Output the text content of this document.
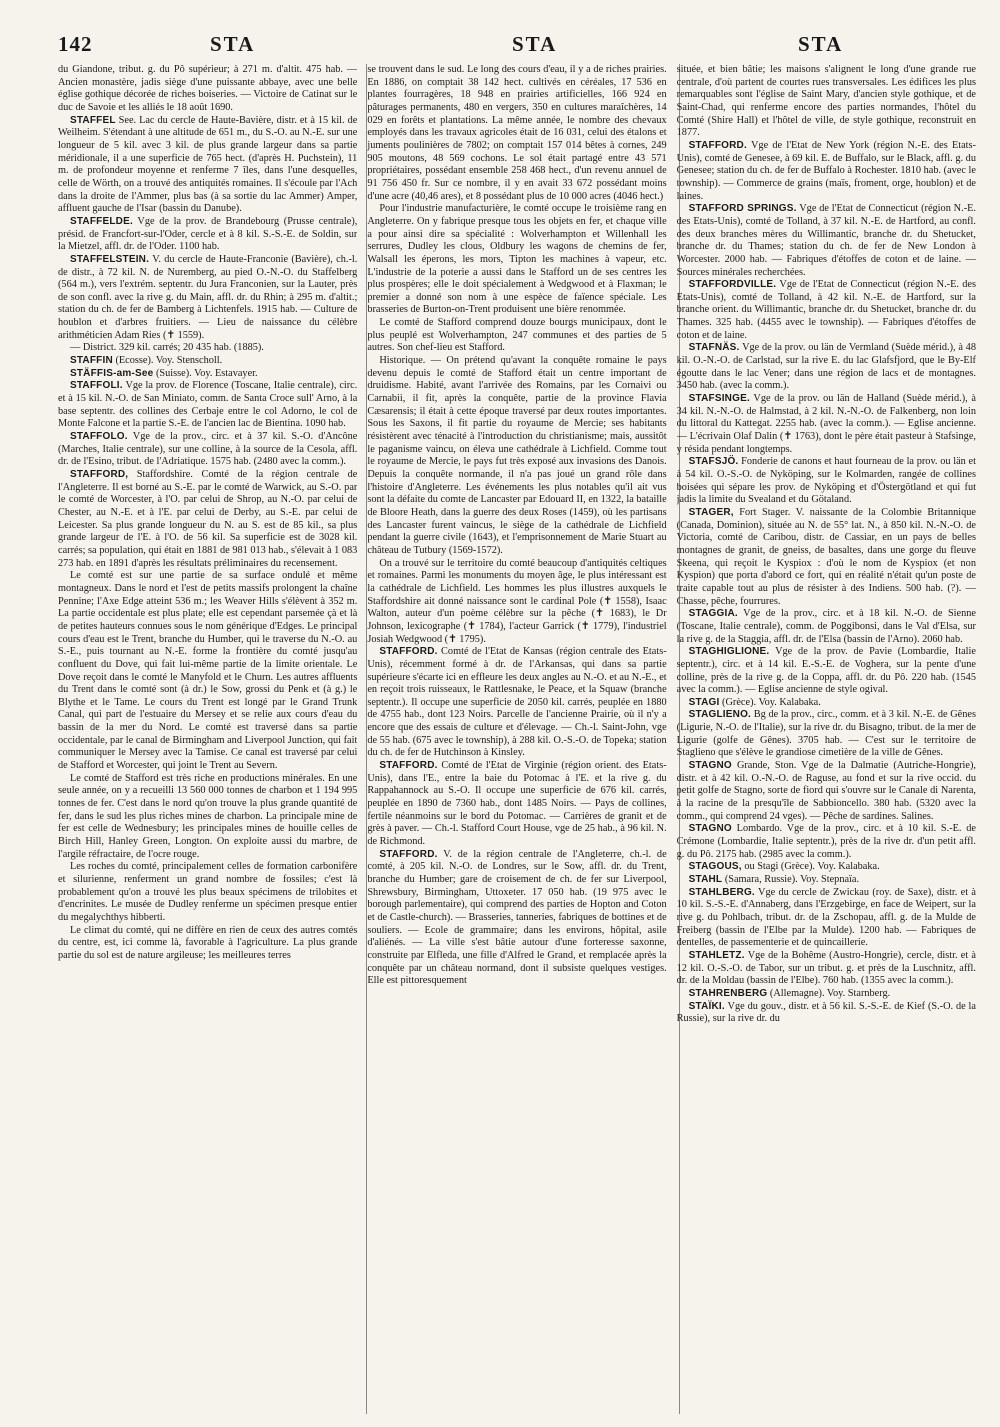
142	STA	STA	STA

du Giandone, tribut. g. du Pô supérieur; à 271 m. d'altit. 475 hab. — Ancien monastère, jadis siège d'une puissante abbaye, avec une belle église gothique décorée de riches boiseries. — Victoire de Catinat sur le duc de Savoie et les alliés le 18 août 1690.

STAFFEL See. Lac du cercle de Haute-Bavière, distr. et à 15 kil. de Weilheim. S'étendant à une altitude de 651 m., du S.-O. au N.-E. sur une longueur de 5 kil. avec 3 kil. de plus grande largeur dans sa partie méridionale, il a une superficie de 765 hect. (d'après H. Puchstein), 11 m. de profondeur moyenne et renferme 7 îles, dans l'une desquelles, celle de Wörth, on a trouvé des antiquités romaines. Il s'écoule par l'Ach dans la droite de l'Ammer, plus bas (à sa sortie du lac Ammer) Amper, affluent gauche de l'Isar (bassin du Danube).

STAFFELDE. Vge de la prov. de Brandebourg (Prusse centrale), présid. de Francfort-sur-l'Oder, cercle et à 8 kil. S.-S.-E. de Soldin, sur la Mietzel, affl. dr. de l'Oder. 1100 hab.

STAFFELSTEIN. V. du cercle de Haute-Franconie (Bavière), ch.-l. de distr., à 72 kil. N. de Nuremberg, au pied O.-N.-O. du Staffelberg (564 m.), vers l'extrém. septentr. du Jura Franconien, sur la Lauter, près de son confl. avec la rive g. du Main, affl. dr. du Rhin; à 295 m. d'altit.; station du ch. de fer de Bamberg à Lichtenfels. 1915 hab. — Culture de houblon et d'arbres fruitiers. — Lieu de naissance du célèbre arithméticien Adam Ries (✝ 1559).

— District. 329 kil. carrés; 20 435 hab. (1885).

STAFFIN (Ecosse). Voy. Stenscholl.

STÄFFIS-am-See (Suisse). Voy. Estavayer.

STAFFOLI. Vge la prov. de Florence (Toscane, Italie centrale), circ. et à 15 kil. N.-O. de San Miniato, comm. de Santa Croce sull' Arno, à la base septentr. des collines des Cerbaje entre le col Adorno, le col de Monte Falcone et la partie S.-E. de l'ancien lac de Bientina. 1090 hab.

STAFFOLO. Vge de la prov., circ. et à 37 kil. S.-O. d'Ancône (Marches, Italie centrale), sur une colline, à la source de la Cesola, affl. dr. de l'Esino, tribut. de l'Adriatique. 1575 hab. (2480 avec la comm.).

STAFFORD, Staffordshire. Comté de la région centrale de l'Angleterre. Il est borné au S.-E. par le comté de Warwick, au S.-O. par le comté de Worcester, à l'O. par celui de Shrop, au N.-O. par celui de Chester, au N.-E. et à l'E. par celui de Derby, au S.-E. par celui de Leicester. Sa plus grande longueur du N. au S. est de 85 kil., sa plus grande largeur de l'E. à l'O. de 56 kil. Sa superficie est de 3028 kil. carrés; sa population, qui était en 1881 de 981 013 hab., s'élevait à 1 083 273 hab. en 1891 d'après les résultats préliminaires du recensement.

Le comté est sur une partie de sa surface ondulé et même montagneux. Dans le nord et l'est de petits massifs prolongent la chaîne Pennine; l'Axe Edge atteint 536 m.; les Weaver Hills s'élèvent à 352 m. La partie occidentale est plus plate; elle est cependant parsemée çà et là de petites hauteurs connues sous le nom générique d'Edges. Le principal cours d'eau est le Trent, branche du Humber, qui le traverse du N.-O. au S.-E., puis tournant au N.-E. forme la frontière du comté jusqu'au confluent du Dove, qui fait lui-même partie de la limite orientale. Le Dove reçoit dans le comté le Manyfold et le Churn. Les autres affluents du Trent dans le comté sont (à dr.) le Sow, grossi du Penk et (à g.) le Blythe et le Tame. Le cours du Trent est longé par le Grand Trunk Canal, qui part de l'estuaire du Mersey et se relie aux cours d'eau du bassin de la mer du Nord. Le comté est traversé dans sa partie occidentale, par le canal de Birmingham and Liverpool Junction, qui fait communiquer le Mersey avec la Tamise. Ce canal est traversé par celui de Stafford et Worcester, qui joint le Trent au Severn.

Le comté de Stafford est très riche en productions minérales. En une seule année, on y a recueilli 13 560 000 tonnes de charbon et 1 194 995 tonnes de fer. C'est dans le nord qu'on trouve la plus grande quantité de fer, dans le sud les plus riches mines de charbon. La principale mine de fer est celle de Wednesbury; les principales mines de houille celles de Birch Hill, Hanley Green, Longton. On exploite aussi du marbre, de l'argile réfractaire, de l'ocre rouge.

Les roches du comté, principalement celles de formation carbonifère et silurienne, renferment un grand nombre de fossiles; c'est là probablement qu'on a trouvé les plus beaux spécimens de trilobites et d'encrinites. Le musée de Dudley renferme un spécimen presque entier du megalychthys hibberti.

Le climat du comté, qui ne diffère en rien de ceux des autres comtés du centre, est, ici comme là, favorable à l'agriculture. La plus grande partie du sol est de nature argileuse; les meilleures terres

se trouvent dans le sud. Le long des cours d'eau, il y a de riches prairies. En 1886, on comptait 38 142 hect. cultivés en céréales, 17 536 en plantes fourragères, 18 948 en prairies artificielles, 166 924 en pâturages permanents, 480 en vergers, 350 en cultures maraîchères, 14 029 en forêts et plantations. La même année, le nombre des chevaux employés dans les travaux agricoles était de 16 031, celui des étalons et juments poulinières de 7802; on comptait 157 014 bêtes à cornes, 249 905 moutons, 48 569 cochons. Le sol était partagé entre 43 571 propriétaires, possédant ensemble 258 468 hect., d'un revenu annuel de 91 756 450 fr. Sur ce nombre, il y en avait 33 672 possédant moins d'une acre (40,46 ares), et 8 possédant plus de 10 000 acres (4046 hect.)

Pour l'industrie manufacturière, le comté occupe le troisième rang en Angleterre. On y fabrique presque tous les objets en fer, et chaque ville a pour ainsi dire sa spécialité : Wolverhampton et Willenhall les serrures, Dudley les clous, Oldbury les wagons de chemins de fer, Walsall les éperons, les mors, Tipton les machines à vapeur, etc. L'industrie de la poterie a aussi dans le Stafford un de ses centres les plus prospères; elle le doit spécialement à Wedgwood et à Flaxman; le premier a donné son nom à une espèce de faïence spéciale. Les brasseries de Burton-on-Trent produisent une bière renommée.

Le comté de Stafford comprend douze bourgs municipaux, dont le plus peuplé est Wolverhampton, 247 communes et des parties de 5 autres. Son chef-lieu est Stafford.

Historique. — On prétend qu'avant la conquête romaine le pays devenu depuis le comté de Stafford était un centre important de druidisme. Habité, avant l'arrivée des Romains, par les Cornaivi ou Carnabii, il fit, après la conquête, partie de la province Flavia Cæsarensis; il était à cette époque traversé par deux routes importantes. Sous les Saxons, il fit partie du royaume de Mercie; ses habitants résistèrent avec ténacité à l'introduction du christianisme; mais, aussitôt le paganisme vaincu, on éleva une cathédrale à Lichfield. Comme tout le royaume de Mercie, le pays fut très exposé aux invasions des Danois. Depuis la conquête normande, il n'a pas joué un grand rôle dans l'histoire d'Angleterre. Les événements les plus notables qu'il ait vus sont la défaite du comte de Lancaster par Edouard II, en 1322, la bataille de Bloore Heath, dans la guerre des deux Roses (1459), où les partisans des Lancaster furent vaincus, le siège de la cathédrale de Lichfield pendant la guerre civile (1643), et l'emprisonnement de Marie Stuart au château de Tutbury (1569-1572).

On a trouvé sur le territoire du comté beaucoup d'antiquités celtiques et romaines. Parmi les monuments du moyen âge, le plus intéressant est la cathédrale de Lichfield. Les hommes les plus illustres auxquels le Staffordshire ait donné naissance sont le cardinal Pole (✝ 1558), Isaac Walton, auteur d'un poème célèbre sur la pêche (✝ 1683), le Dr Johnson, lexicographe (✝ 1784), l'acteur Garrick (✝ 1779), l'industriel Josiah Wedgwood (✝ 1795).

STAFFORD. Comté de l'Etat de Kansas (région centrale des Etats-Unis), récemment formé à dr. de l'Arkansas, qui dans sa partie supérieure s'écarte ici en effleure les deux angles au N.-O. et au N.-E., et en reçoit trois ruisseaux, le Rattlesnake, le Peace, et la Squaw (branche septentr.). Il occupe une superficie de 2050 kil. carrés, peuplée en 1880 de 4755 hab., dont 123 Noirs. Parcelle de l'ancienne Prairie, où il n'y a encore que des essais de culture et d'élevage. — Ch.-l. Saint-John, vge de 55 hab. (675 avec le township), à 288 kil. O.-S.-O. de Topeka; station du ch. de fer de Hutchinson à Kinsley.

STAFFORD. Comté de l'Etat de Virginie (région orient. des Etats-Unis), dans l'E., entre la baie du Potomac à l'E. et la rive g. du Rappahannock au S.-O. Il occupe une superficie de 676 kil. carrés, peuplée en 1890 de 7360 hab., dont 1485 Noirs. — Pays de collines, fertile néanmoins sur le bord du Potomac. — Carrières de granit et de grès à paver. — Ch.-l. Stafford Court House, vge de 25 hab., à 96 kil. N. de Richmond.

STAFFORD. V. de la région centrale de l'Angleterre, ch.-l. de comté, à 205 kil. N.-O. de Londres, sur le Sow, affl. dr. du Trent, branche du Humber; gare de croisement de ch. de fer sur Liverpool, Shrewsbury, Birmingham, Uttoxeter. 17 050 hab. (19 975 avec le borough parlementaire), qui comprend des parties de Hopton and Coton et de Castle-church). — Brasseries, tanneries, fabriques de bottines et de souliers. — Ecole de grammaire; dans les environs, hôpital, asile d'aliénés. — La ville s'est bâtie autour d'une forteresse saxonne, construite par Elfleda, une fille d'Alfred le Grand, et remplacée après la conquête par un château normand, dont il subsiste quelques vestiges. Elle est pittoresquement

située, et bien bâtie; les maisons s'alignent le long d'une grande rue centrale, d'où partent de courtes rues transversales. Les édifices les plus remarquables sont l'église de Saint Mary, d'ancien style gothique, et de Saint-Chad, qui renferme encore des parties normandes, l'hôtel du Comté (Shire Hall) et l'hôtel de ville, de style gothique, reconstruit en 1877.

STAFFORD. Vge de l'Etat de New York (région N.-E. des Etats-Unis), comté de Genesee, à 69 kil. E. de Buffalo, sur le Black, affl. g. du Genesee; station du ch. de fer de Buffalo à Rochester. 1810 hab. (avec le township). — Commerce de grains (maïs, froment, orge, houblon) et de laines.

STAFFORD SPRINGS. Vge de l'Etat de Connecticut (région N.-E. des Etats-Unis), comté de Tolland, à 37 kil. N.-E. de Hartford, au confl. des deux branches mères du Willimantic, branche dr. du Shetucket, branche dr. du Thames; station du ch. de fer de New London à Worcester. 2000 hab. — Fabriques d'étoffes de coton et de laine. — Sources minérales recherchées.

STAFFORDVILLE. Vge de l'Etat de Connecticut (région N.-E. des Etats-Unis), comté de Tolland, à 42 kil. N.-E. de Hartford, sur la branche orient. du Willimantic, branche dr. du Shetucket, branche dr. du Thames. 325 hab. (4455 avec le township). — Fabriques d'étoffes de coton et de laine.

STAFNÄS. Vge de la prov. ou län de Vermland (Suède mérid.), à 48 kil. O.-N.-O. de Carlstad, sur la rive E. du lac Glafsfjord, que le By-Elf égoutte dans le lac Vener; dans une région de lacs et de montagnes. 3450 hab. (avec la comm.).

STAFSINGE. Vge de la prov. ou län de Halland (Suède mérid.), à 34 kil. N.-N.-O. de Halmstad, à 2 kil. N.-N.-O. de Falkenberg, non loin du littoral du Kattegat. 2255 hab. (avec la comm.). — Eglise ancienne. — L'écrivain Olaf Dalin (✝ 1763), dont le père était pasteur à Stafsinge, y résida pendant longtemps.

STAFSJÖ. Fonderie de canons et haut fourneau de la prov. ou län et à 54 kil. O.-S.-O. de Nyköping, sur le Kolmarden, rangée de collines boisées qui sépare les prov. de Nyköping et d'Östergötland et qui fut jadis la limite du Svealand et du Götaland.

STAGER, Fort Stager. V. naissante de la Colombie Britannique (Canada, Dominion), située au N. de 55° lat. N., à 850 kil. N.-N.-O. de Victoria, comté de Caribou, distr. de Cassiar, en un pays de belles montagnes de granit, de gneiss, de basaltes, dans une gorge du fleuve Skeena, qui reçoit le Kyspiox : d'où le nom de Kyspiox (et non Kyspion) que porta d'abord ce fort, qui en réalité n'était qu'un poste de traite capable tout au plus de résister à des Indiens. 500 hab. (?). — Chasse, pêche, fourrures.

STAGGIA. Vge de la prov., circ. et à 18 kil. N.-O. de Sienne (Toscane, Italie centrale), comm. de Poggibonsi, dans le Val d'Elsa, sur la rive g. de la Staggia, affl. dr. de l'Elsa (bassin de l'Arno). 2060 hab.

STAGHIGLIONE. Vge de la prov. de Pavie (Lombardie, Italie septentr.), circ. et à 14 kil. E.-S.-E. de Voghera, sur la pente d'une colline, près de la rive g. de la Coppa, affl. dr. du Pô. 220 hab. (1545 avec la comm.). — Eglise ancienne de style ogival.

STAGI (Grèce). Voy. Kalabaka.

STAGLIENO. Bg de la prov., circ., comm. et à 3 kil. N.-E. de Gênes (Ligurie, N.-O. de l'Italie), sur la rive dr. du Bisagno, tribut. de la mer de Ligurie (golfe de Gênes). 3705 hab. — C'est sur le territoire de Staglieno que s'élève le grandiose cimetière de la ville de Gênes.

STAGNO Grande, Ston. Vge de la Dalmatie (Autriche-Hongrie), distr. et à 42 kil. O.-N.-O. de Raguse, au fond et sur la rive occid. du petit golfe de Stagno, sorte de fiord qui s'ouvre sur le Canale di Narenta, à la racine de la presqu'île de Sabbioncello. 380 hab. (5320 avec la comm., qui comprend 24 vges). — Pêche de sardines. Salines.

STAGNO Lombardo. Vge de la prov., circ. et à 10 kil. S.-E. de Crémone (Lombardie, Italie septentr.), près de la rive dr. d'un petit affl. g. du Pô. 2175 hab. (2985 avec la comm.).

STAGOUS, ou Stagi (Grèce). Voy. Kalabaka.

STAHL (Samara, Russie). Voy. Stepnaïa.

STAHLBERG. Vge du cercle de Zwickau (roy. de Saxe), distr. et à 10 kil. S.-S.-E. d'Annaberg, dans l'Erzgebirge, en face de Weipert, sur la rive g. du Pohlbach, tribut. dr. de la Zschopau, affl. g. de la Mulde de Freiberg (bassin de l'Elbe par la Mulde). 1200 hab. — Fabriques de dentelles, de passementerie et de quincaillerie.

STAHLETZ. Vge de la Bohême (Austro-Hongrie), cercle, distr. et à 12 kil. O.-S.-O. de Tabor, sur un tribut. g. et près de la Luschnitz, affl. dr. de la Moldau (bassin de l'Elbe). 760 hab. (1355 avec la comm.).

STAHRENBERG (Allemagne). Voy. Starnberg.

STAÏKI. Vge du gouv., distr. et à 56 kil. S.-S.-E. de Kief (S.-O. de la Russie), sur la rive dr. du
